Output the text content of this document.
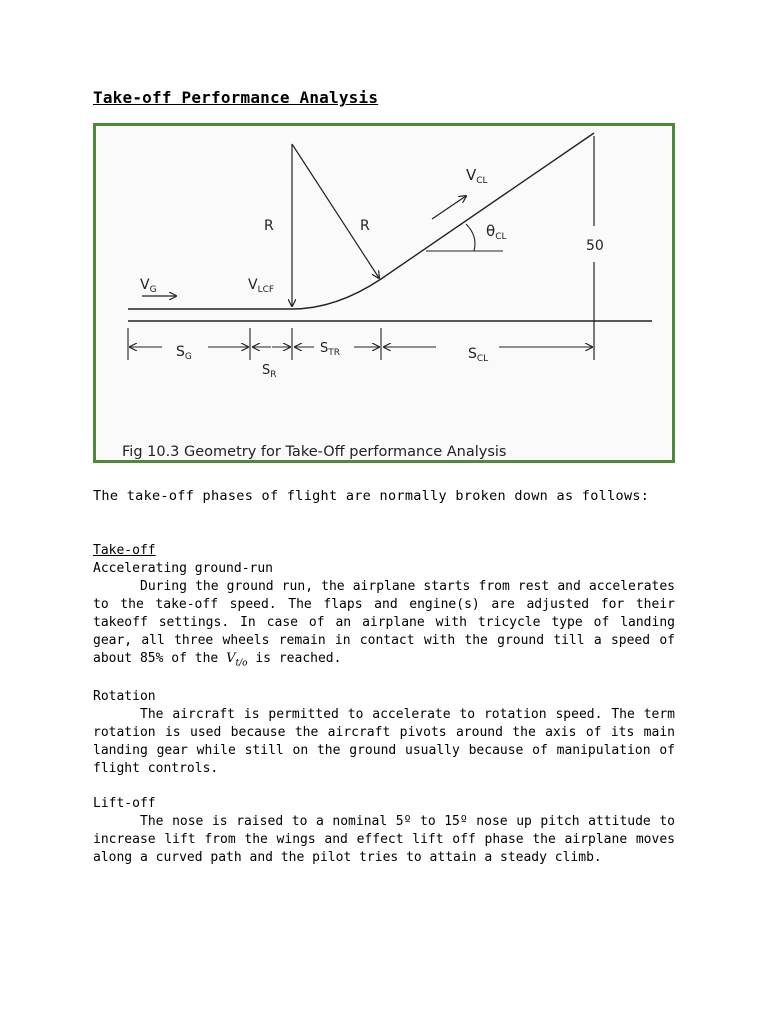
Take-off Performance Analysis
$V_G$	$V_{LCF}$
R	R
$V_{CL}$
$\theta_{CL}$
50
$S_G$
$S_R$
$S_{TR}$	$S_{CL}$
Fig 10.3 Geometry for Take-Off performance Analysis
The take-off phases of flight are normally broken down as follows:
Take-off
Accelerating ground-run
During the ground run, the airplane starts from rest and accelerates to the take-off speed. The flaps and engine(s) are adjusted for their takeoff settings. In case of an airplane with tricycle type of landing gear, all three wheels remain in contact with the ground till a speed of about 85% of the $V_{t/o}$ is reached.
Rotation
The aircraft is permitted to accelerate to rotation speed. The term rotation is used because the aircraft pivots around the axis of its main landing gear while still on the ground usually because of manipulation of flight controls.
Lift-off
The nose is raised to a nominal 5º to 15º nose up pitch attitude to increase lift from the wings and effect lift off phase the airplane moves along a curved path and the pilot tries to attain a steady climb.
